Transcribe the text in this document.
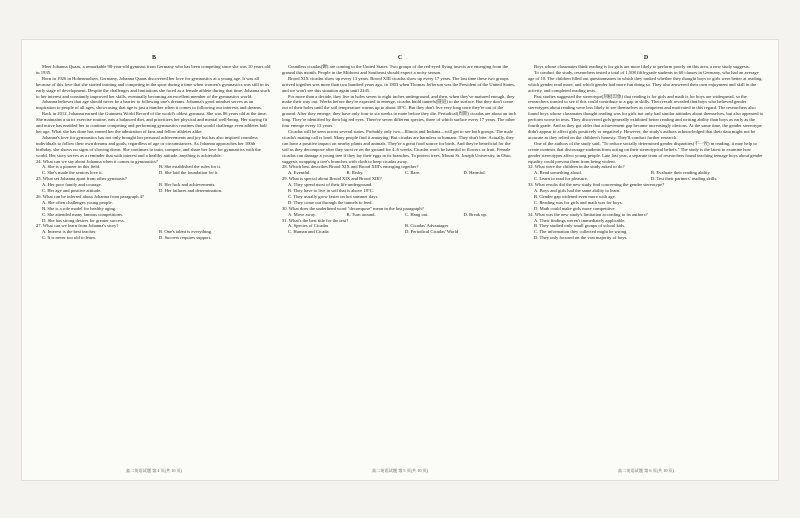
B

Meet Johanna Quaas, a remarkable 98-year-old gymnast from Germany who has been competing since she was 10 years old in 1935.

Born in 1926 in Hohenmolsen, Germany, Johanna Quaas discovered her love for gymnastics at a young age. It was all because of this love that she started training and competing in the sport during a time when women's gymnastics was still in its early stage of development. Despite the challenges and limitations she faced as a female athlete during that time, Johanna stuck to her interest and constantly improved her skills, eventually becoming an excellent member of the gymnastics world.

Johanna believes that age should never be a barrier to following one's dreams. Johanna's good mindset serves as an inspiration to people of all ages, showcasing that age is just a number when it comes to following our interests and dreams.

Back in 2012, Johanna earned the Guinness World Record of the world's oldest gymnast. She was 86 years old at the time. She maintains a strict exercise routine, eats a balanced diet, and prioritizes her physical and mental well-being. Her staying fit and active has enabled her to continue competing and performing gymnastics routines that would challenge even athletes half her age. What she has done has earned her the admiration of fans and fellow athletes alike.

Johanna's love for gymnastics has not only brought her personal achievements and joy but has also inspired countless individuals to follow their own dreams and goals, regardless of age or circumstances. As Johanna approaches her 100th birthday, she shows no signs of slowing down. She continues to train, compete, and share her love for gymnastics with the world. Her story serves as a reminder that with interest and a healthy attitude, anything is achievable.

24. What can we say about Johanna when it comes to gymnastics?

A. She is a pioneer in this field.	B. She established the rules for it.
C. She's made the seniors love it.	D. She laid the foundation for it.

25. What set Johanna apart from other gymnasts?

A. Her poor family and courage.	B. Her luck and achievements.
C. Her age and positive attitude.	D. Her failures and determination.

26. What can be inferred about Johanna from paragraph 4?

A. She often challenges young people.
B. She is a role model for healthy aging.
C. She attended many famous competitions.
D. She has strong desires for greater success.

27. What can we learn from Johanna's story?

A. Interest is the best teacher.	B. One's talent is everything.
C. It is never too old to learn.	D. Success requires support.
高二英语试题 第 4 页(共 10 页)
C

Countless cicadas(蝉) are coming to the United States. Two groups of the red-eyed flying insects are emerging from the ground this month. People in the Midwest and Southeast should expect a noisy season.

Brood XIX cicadas show up every 13 years. Brood XIII cicadas show up every 17 years. The last time these two groups arrived together was more than two hundred years ago, in 1803 when Thomas Jefferson was the President of the United States, and we won't see this situation again until 2245.

For more than a decade, they live in holes seven to eight inches underground, and then, when they've matured enough, they make their way out. Weeks before they're expected to emerge, cicadas build tunnels(隧道) to the surface. But they don't come out of their holes until the soil temperature warms up to about 18°C. But they don't live very long once they're out of the ground. After they emerge, they have only four to six weeks to mate before they die. Periodical(周期) cicadas are about an inch long. They're identified by their big red eyes. There're seven different species, three of which surface every 17 years. The other four emerge every 13 years.

Cicadas will be seen across several states. Probably only two—Illinois and Indiana—will get to see both groups. The male cicada's mating call is loud. Many people find it annoying. But cicadas are harmless to humans. They don't bite. Actually, they can have a positive impact on nearby plants and animals. They're a great food source for birds. And they're beneficial for the soil as they decompose after they survive on the ground for 4–6 weeks. Cicadas won't be harmful to flowers or fruit. Female cicadas can damage a young tree if they lay their eggs in its branches. To protect trees, Mount St. Joseph University, in Ohio, suggests wrapping a tree's branches with cloth to keep cicadas away.

28. Which best describes Brood XIX and Brood XIII's emerging together?

A. Eventful.	B. Risky.	C. Rare.	D. Harmful.

29. What is special about Brood XIX and Brood XIII?

A. They spend most of their life underground.
B. They have to live in soil that is above 18°C.
C. They usually grow faster on hot summer days.
D. They come out through the tunnels to feed.

30. What does the underlined word "decompose" mean in the last paragraph?

A. Move away.	B. Turn around.	C. Hang out.	D. Break up.

31. What's the best title for the text?

A. Species of Cicadas	B. Cicadas' Advantages
C. Human and Cicada	D. Periodical Cicadas' World
高二英语试题 第 5 页(共 10 页)
D

Boys whose classmates think reading is for girls are more likely to perform poorly on this area, a new study suggests.

To conduct the study, researchers tested a total of 1,508 fifth-grade students in 60 classes in Germany, who had an average age of 10. The children filled out questionnaires in which they ranked whether they thought boys or girls were better at reading, which gender read more, and which gender had more fun doing so. They also answered their own enjoyment and skill in the activity, and completed reading tests.

Past studies suggested the stereotype(刻板印象) that reading is for girls and math is for boys are widespread, so the researchers wanted to see if this could contribute to a gap in skills. Their result revealed that boys who believed gender stereotypes about reading were less likely to see themselves as competent and motivated in this regard. The researchers also found boys whose classmates thought reading was for girls not only had similar attitudes about themselves, but also appeared to perform worse in tests. They discovered girls generally exhibited better reading and writing ability than boys as early as the fourth grade. And as they got older that achievement gap became increasingly obvious. At the same time, the gender stereotype didn't appear to affect girls positively or negatively. However, the study's authors acknowledged that their data might not be accurate as they relied on the children's honesty. They'll conduct further research.

One of the authors of the study said, "To reduce socially determined gender disparities(不一致) in reading, it may help to create contexts that discourage students from acting on their stereotypical beliefs." The study is the latest to examine how gender stereotypes affect young people. Late last year, a separate team of researchers found teaching teenage boys about gender equality could prevent them from being violent.

32. What were the children in the study asked to do?

A. Read something aloud.	B. Evaluate their reading ability.
C. Learn to read for pleasure.	D. Test their partners' reading skills.

33. What results did the new study find concerning the gender stereotype?

A. Boys and girls had the same ability to learn.
B. Gender gap widened even more with age.
C. Reading was for girls and math was for boys.
D. Math could make girls more competitive.

34. What was the new study's limitation according to its authors?

A. Their findings weren't immediately applicable.
B. They studied only small groups of school kids.
C. The information they collected might be wrong.
D. They only focused on the vast majority of boys.
高二英语试题 第 6 页(共 10 页)
